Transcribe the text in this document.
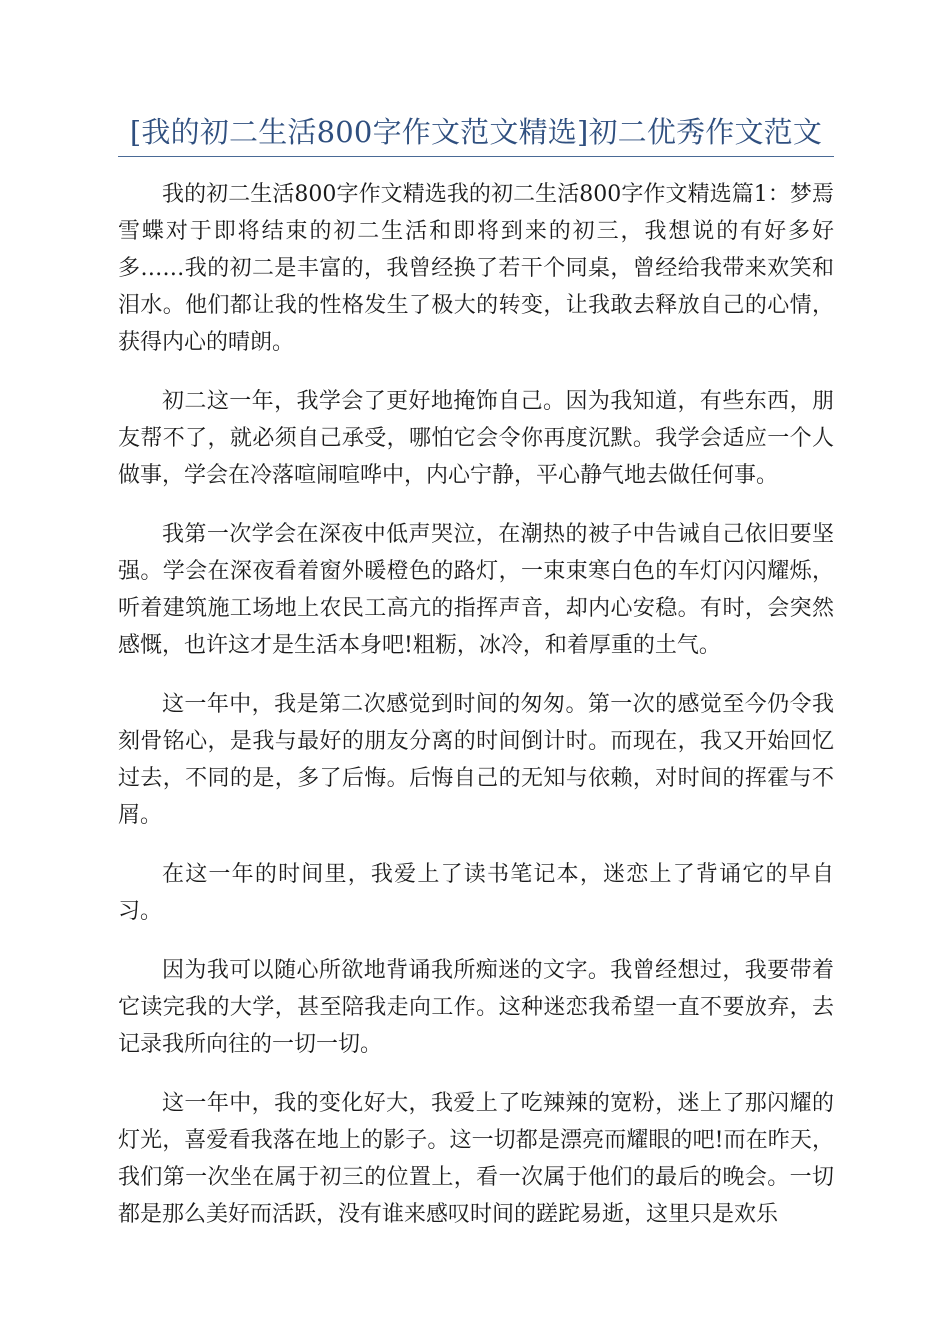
[我的初二生活800字作文范文精选]初二优秀作文范文

我的初二生活800字作文精选我的初二生活800字作文精选篇1：梦焉雪蝶对于即将结束的初二生活和即将到来的初三，我想说的有好多好多……我的初二是丰富的，我曾经换了若干个同桌，曾经给我带来欢笑和泪水。他们都让我的性格发生了极大的转变，让我敢去释放自己的心情，获得内心的晴朗。

初二这一年，我学会了更好地掩饰自己。因为我知道，有些东西，朋友帮不了，就必须自己承受，哪怕它会令你再度沉默。我学会适应一个人做事，学会在冷落喧闹喧哗中，内心宁静，平心静气地去做任何事。

我第一次学会在深夜中低声哭泣，在潮热的被子中告诫自己依旧要坚强。学会在深夜看着窗外暖橙色的路灯，一束束寒白色的车灯闪闪耀烁，听着建筑施工场地上农民工高亢的指挥声音，却内心安稳。有时，会突然感慨，也许这才是生活本身吧!粗粝，冰冷，和着厚重的土气。

这一年中，我是第二次感觉到时间的匆匆。第一次的感觉至今仍令我刻骨铭心，是我与最好的朋友分离的时间倒计时。而现在，我又开始回忆过去，不同的是，多了后悔。后悔自己的无知与依赖，对时间的挥霍与不屑。

在这一年的时间里，我爱上了读书笔记本，迷恋上了背诵它的早自习。

因为我可以随心所欲地背诵我所痴迷的文字。我曾经想过，我要带着它读完我的大学，甚至陪我走向工作。这种迷恋我希望一直不要放弃，去记录我所向往的一切一切。

这一年中，我的变化好大，我爱上了吃辣辣的宽粉，迷上了那闪耀的灯光，喜爱看我落在地上的影子。这一切都是漂亮而耀眼的吧!而在昨天，我们第一次坐在属于初三的位置上，看一次属于他们的最后的晚会。一切都是那么美好而活跃，没有谁来感叹时间的蹉跎易逝，这里只是欢乐
